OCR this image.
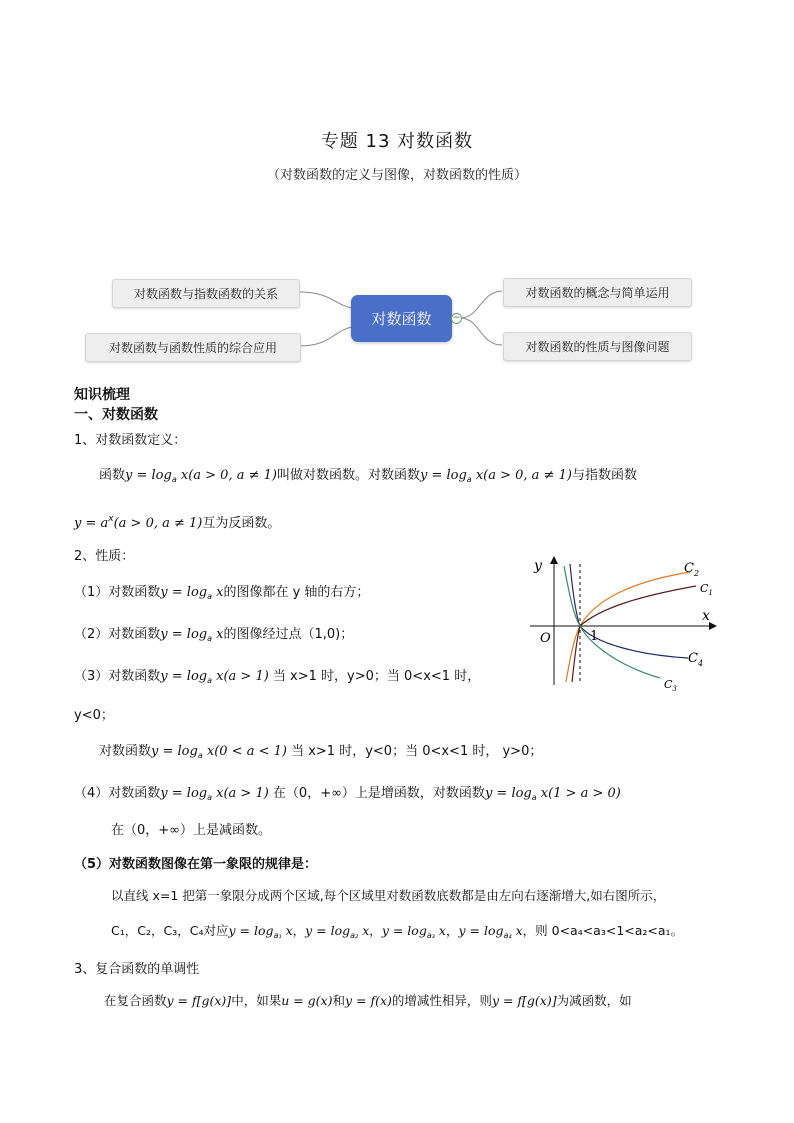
专题 13 对数函数
（对数函数的定义与图像，对数函数的性质）
对数函数与指数函数的关系
对数函数与函数性质的综合应用
对数函数	−
对数函数的概念与简单运用
对数函数的性质与图像问题
知识梳理
一、对数函数
1、对数函数定义：
函数$y = \log_a x(a > 0$, a ≠ 1)叫做对数函数。对数函数$y = \log_a x(a > 0$, a ≠ 1)与指数函数
$y = a^x(a > 0$, a ≠ 1)互为反函数。
2、性质：
（1）对数函数$y = \log_a x$的图像都在 y 轴的右方；
（2）对数函数$y = \log_a x$的图像经过点（1,0)；
（3）对数函数$y = \log_a x(a > 1)$ 当 x>1 时，y>0；当 0<x<1 时，
y<0；
对数函数$y = \log_a x(0 < a < 1)$ 当 x>1 时，y<0；当 0<x<1 时， y>0；
（4）对数函数$y = \log_a x(a > 1)$ 在（0，+∞）上是增函数，对数函数$y = \log_a x(1 > a > 0)$
在（0，+∞）上是减函数。
（5）对数函数图像在第一象限的规律是：
以直线 x=1 把第一象限分成两个区域,每个区域里对数函数底数都是由左向右逐渐增大,如右图所示，
C₁，C₂，C₃，C₄对应$y = \log_{a_1} x$，$y = \log_{a_2} x$，$y = \log_{a_3} x$，$y = \log_{a_4} x$，则 0<a₄<a₃<1<a₂<a₁。
3、复合函数的单调性
在复合函数y = f[g(x)]中，如果u = g(x)和y = f(x)的增减性相异，则y = f[g(x)]为减函数，如
y
x
O	1
$C_2$
$C_1$
$C_4$
$C_3$
